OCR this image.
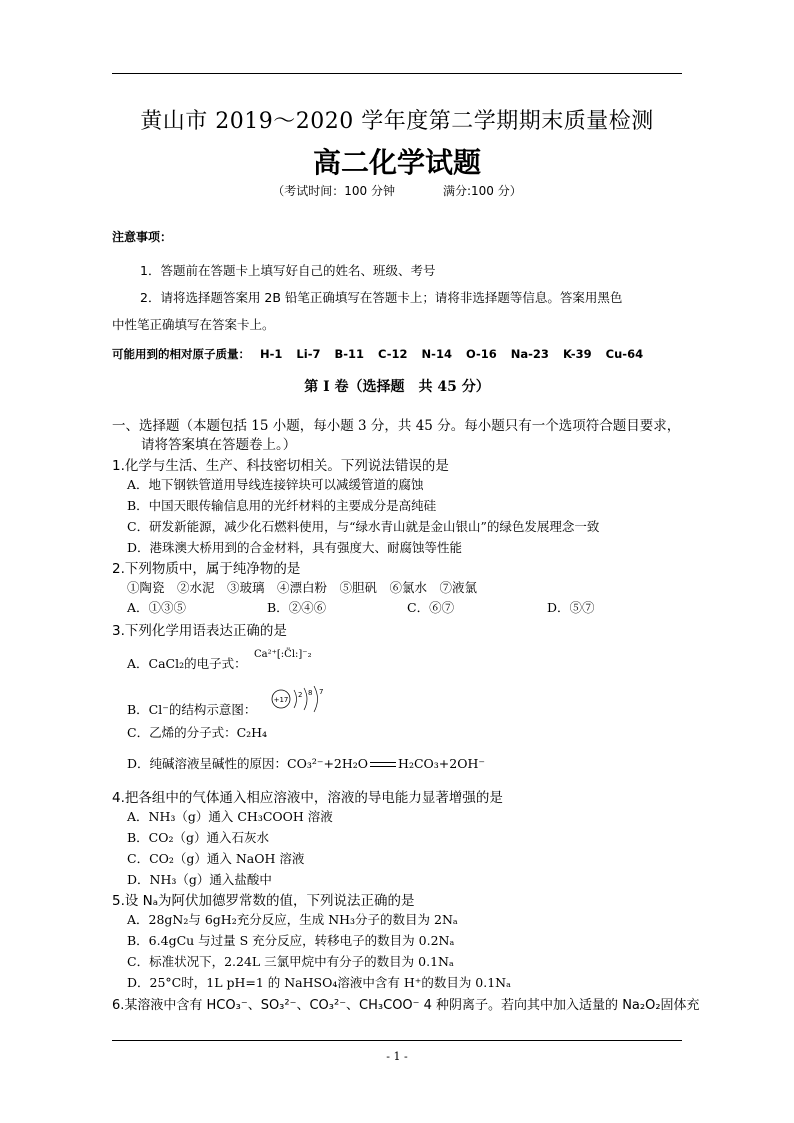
黄山市 2019～2020 学年度第二学期期末质量检测
高二化学试题
（考试时间：100 分钟　　　　满分:100 分）
注意事项：
1．答题前在答题卡上填写好自己的姓名、班级、考号
2．请将选择题答案用 2B 铅笔正确填写在答题卡上；请将非选择题等信息。答案用黑色
中性笔正确填写在答案卡上。
可能用到的相对原子质量： H-1 Li-7 B-11 C-12 N-14 O-16 Na-23 K-39 Cu-64
第 I 卷（选择题　共 45 分）
一、选择题（本题包括 15 小题，每小题 3 分，共 45 分。每小题只有一个选项符合题目要求，
请将答案填在答题卷上。）
1.化学与生活、生产、科技密切相关。下列说法错误的是
A．地下钢铁管道用导线连接锌块可以减缓管道的腐蚀
B．中国天眼传输信息用的光纤材料的主要成分是高纯硅
C．研发新能源，减少化石燃料使用，与“绿水青山就是金山银山”的绿色发展理念一致
D．港珠澳大桥用到的合金材料，具有强度大、耐腐蚀等性能
2.下列物质中，属于纯净物的是
①陶瓷　②水泥　③玻璃　④漂白粉　⑤胆矾　⑥氯水　⑦液氯
A．①③⑤	B．②④⑥	C．⑥⑦	D．⑤⑦
3.下列化学用语表达正确的是
A．CaCl₂的电子式：
Ca²⁺[:C̈l:]⁻₂
B．Cl⁻的结构示意图：
+17
2 8 7
C．乙烯的分子式：C₂H₄
D．纯碱溶液呈碱性的原因：CO₃²⁻+2H₂O H₂CO₃+2OH⁻
4.把各组中的气体通入相应溶液中，溶液的导电能力显著增强的是
A．NH₃（g）通入 CH₃COOH 溶液
B．CO₂（g）通入石灰水
C．CO₂（g）通入 NaOH 溶液
D．NH₃（g）通入盐酸中
5.设 Nₐ为阿伏加德罗常数的值，下列说法正确的是
A．28gN₂与 6gH₂充分反应，生成 NH₃分子的数目为 2Nₐ
B．6.4gCu 与过量 S 充分反应，转移电子的数目为 0.2Nₐ
C．标准状况下，2.24L 三氯甲烷中有分子的数目为 0.1Nₐ
D．25°C时，1L pH=1 的 NaHSO₄溶液中含有 H⁺的数目为 0.1Nₐ
6.某溶液中含有 HCO₃⁻、SO₃²⁻、CO₃²⁻、CH₃COO⁻ 4 种阴离子。若向其中加入适量的 Na₂O₂固体充
- 1 -
